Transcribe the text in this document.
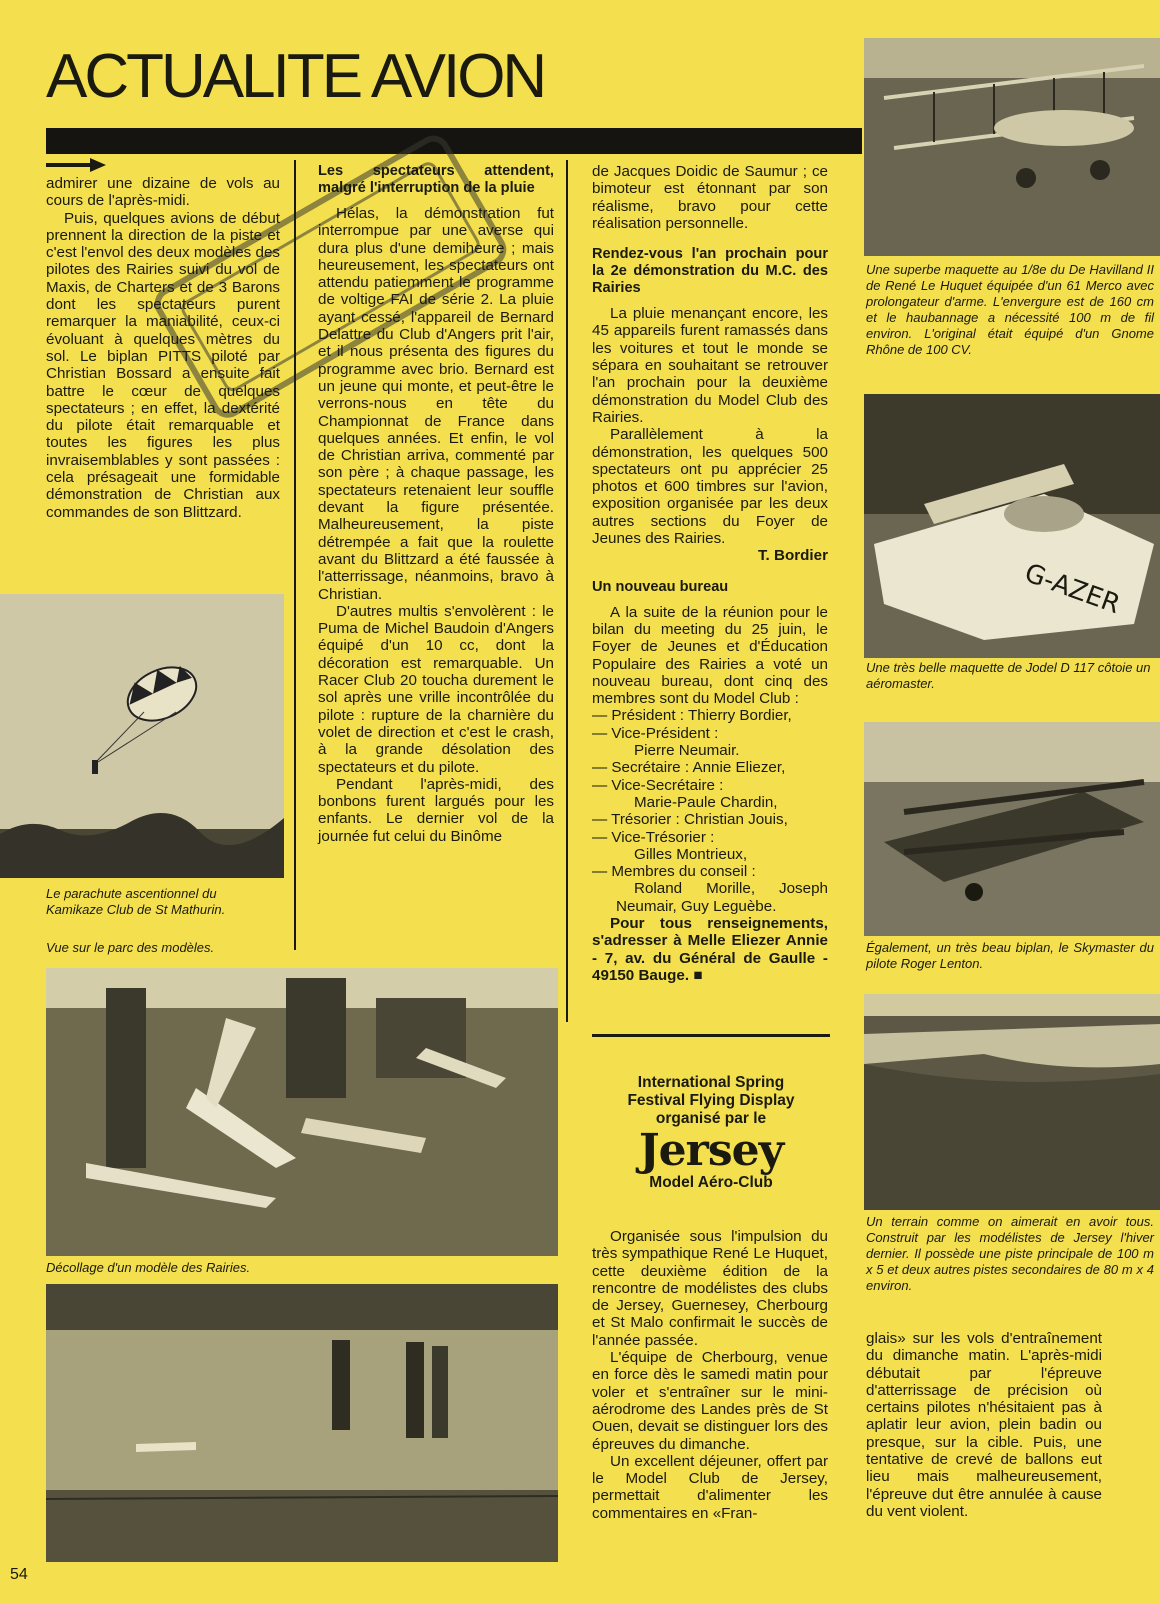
ACTUALITE AVION

admirer une dizaine de vols au cours de l'après-midi.

Puis, quelques avions de début prennent la direction de la piste et c'est l'envol des deux modèles des pilotes des Rairies suivi du vol de Maxis, de Charters et de 3 Barons dont les spectateurs purent remarquer la maniabilité, ceux-ci évoluant à quelques mètres du sol. Le biplan PITTS piloté par Christian Bossard a ensuite fait battre le cœur de quelques spectateurs ; en effet, la dextérité du pilote était remarquable et toutes les figures les plus invraisemblables y sont passées : cela présageait une formidable démonstration de Christian aux commandes de son Blittzard.

Le parachute ascentionnel du Kamikaze Club de St Mathurin.
Vue sur le parc des modèles.
Les spectateurs attendent, malgré l'interruption de la pluie

Hélas, la démonstration fut interrompue par une averse qui dura plus d'une demiheure ; mais heureusement, les spectateurs ont attendu patiemment le programme de voltige FAI de série 2. La pluie ayant cessé, l'appareil de Bernard Delattre du Club d'Angers prit l'air, et il nous présenta des figures du programme avec brio. Bernard est un jeune qui monte, et peut-être le verrons-nous en tête du Championnat de France dans quelques années. Et enfin, le vol de Christian arriva, commenté par son père ; à chaque passage, les spectateurs retenaient leur souffle devant la figure présentée. Malheureusement, la piste détrempée a fait que la roulette avant du Blittzard a été faussée à l'atterrissage, néanmoins, bravo à Christian.

D'autres multis s'envolèrent : le Puma de Michel Baudoin d'Angers équipé d'un 10 cc, dont la décoration est remarquable. Un Racer Club 20 toucha durement le sol après une vrille incontrôlée du pilote : rupture de la charnière du volet de direction et c'est le crash, à la grande désolation des spectateurs et du pilote.

Pendant l'après-midi, des bonbons furent largués pour les enfants. Le dernier vol de la journée fut celui du Binôme

Décollage d'un modèle des Rairies.

de Jacques Doidic de Saumur ; ce bimoteur est étonnant par son réalisme, bravo pour cette réalisation personnelle.

Rendez-vous l'an prochain pour la 2e démonstration du M.C. des Rairies

La pluie menançant encore, les 45 appareils furent ramassés dans les voitures et tout le monde se sépara en souhaitant se retrouver l'an prochain pour la deuxième démonstration du Model Club des Rairies.

Parallèlement à la démonstration, les quelques 500 spectateurs ont pu apprécier 25 photos et 600 timbres sur l'avion, exposition organisée par les deux autres sections du Foyer de Jeunes des Rairies.

T. Bordier
Un nouveau bureau

A la suite de la réunion pour le bilan du meeting du 25 juin, le Foyer de Jeunes et d'Éducation Populaire des Rairies a voté un nouveau bureau, dont cinq des membres sont du Model Club :

— Président : Thierry Bordier,

— Vice-Président :

Pierre Neumair.

— Secrétaire : Annie Eliezer,

— Vice-Secrétaire :

Marie-Paule Chardin,

— Trésorier : Christian Jouis,

— Vice-Trésorier :

Gilles Montrieux,

— Membres du conseil :

Roland Morille, Joseph Neumair, Guy Leguèbe.

Pour tous renseignements, s'adresser à Melle Eliezer Annie - 7, av. du Général de Gaulle - 49150 Bauge. ■

International Spring
Festival Flying Display
organisé par le
Jersey
Model Aéro-Club

Organisée sous l'impulsion du très sympathique René Le Huquet, cette deuxième édition de la rencontre de modélistes des clubs de Jersey, Guernesey, Cherbourg et St Malo confirmait le succès de l'année passée.

L'équipe de Cherbourg, venue en force dès le samedi matin pour voler et s'entraîner sur le mini-aérodrome des Landes près de St Ouen, devait se distinguer lors des épreuves du dimanche.

Un excellent déjeuner, offert par le Model Club de Jersey, permettait d'alimenter les commentaires en «Fran-

Une superbe maquette au 1/8e du De Havilland II de René Le Huquet équipée d'un 61 Merco avec prolongateur d'arme. L'envergure est de 160 cm et le haubannage a nécessité 100 m de fil environ. L'original était équipé d'un Gnome Rhône de 100 CV.
G-AZER
Une très belle maquette de Jodel D 117 côtoie un aéromaster.
Également, un très beau biplan, le Skymaster du pilote Roger Lenton.
Un terrain comme on aimerait en avoir tous. Construit par les modélistes de Jersey l'hiver dernier. Il possède une piste principale de 100 m x 5 et deux autres pistes secondaires de 80 m x 4 environ.

glais» sur les vols d'entraînement du dimanche matin. L'après-midi débutait par l'épreuve d'atterrissage de précision où certains pilotes n'hésitaient pas à aplatir leur avion, plein badin ou presque, sur la cible. Puis, une tentative de crevé de ballons eut lieu mais malheureusement, l'épreuve dut être annulée à cause du vent violent.

54
